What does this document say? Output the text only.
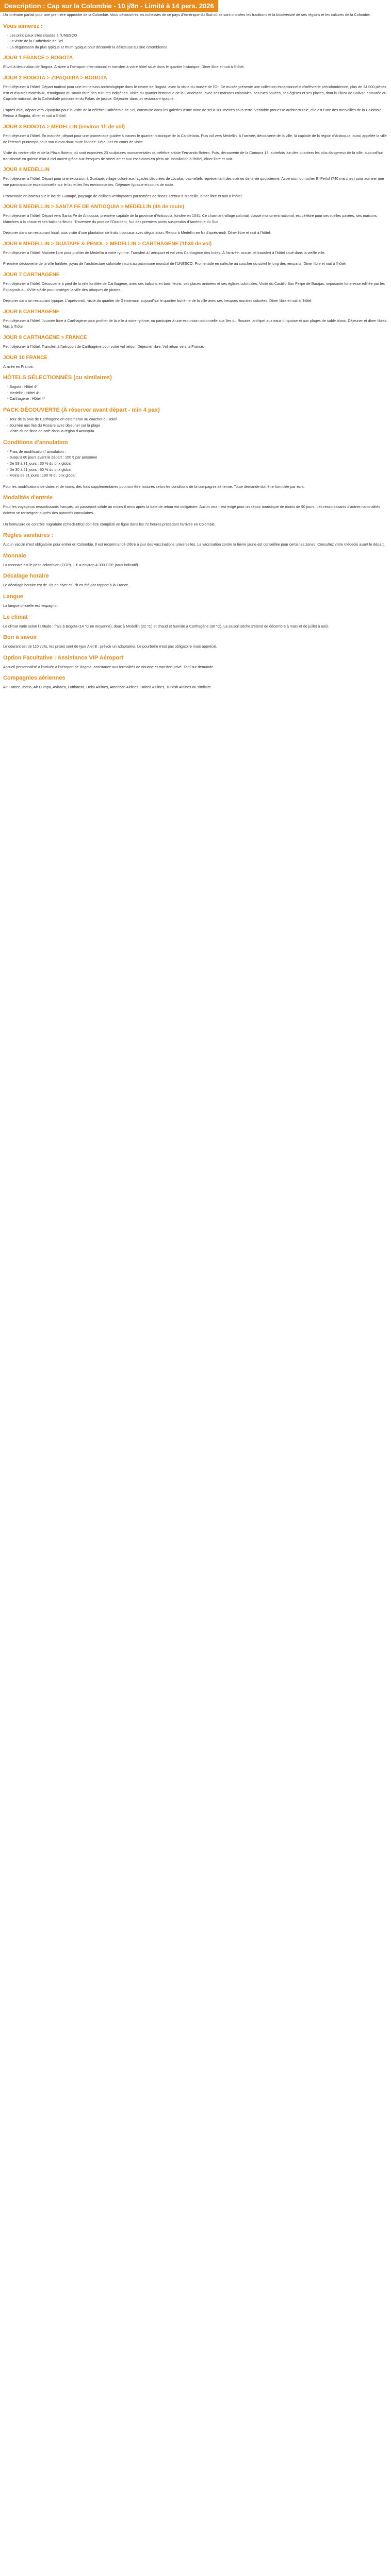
Description : Cap sur la Colombie - 10 j/8n - Limité à 14 pers. 2026

Un itinéraire parfait pour une première approche de la Colombie. Vous découvrirez les richesses de ce pays d'Amérique du Sud où se sont croisées les traditions et la biodiversité de ses régions et les cultures de la Colombie.

Vous aimerez :
- Les principaux sites classés à l'UNESCO
- La visite de la Cathédrale de Sel
- La dégustation du plus typique et rhum-typique pour découvrir la délicieuse cuisine colombienne
JOUR 1 FRANCE > BOGOTA

Envol à destination de Bogota. Arrivée à l'aéroport international et transfert à votre hôtel situé dans le quartier historique. Dîner libre et nuit à l'hôtel.

JOUR 2 BOGOTA > ZIPAQUIRA > BOGOTA

Petit déjeuner à l'hôtel. Départ matinal pour une immersion archéologique dans le centre de Bogota, avec la visite du musée de l'Or. Ce musée présente une collection exceptionnelle d'orfèvrerie précolombienne, plus de 34 000 pièces d'or et d'autres matériaux, témoignant du savoir-faire des cultures indigènes. Visite du quartier historique de la Candelaria, avec ses maisons coloniales, ses rues pavées, ses églises et ses places, dont la Plaza de Bolivar, entourée du Capitole national, de la Cathédrale primaire et du Palais de justice. Déjeuner dans un restaurant typique.

L'après-midi, départ vers Zipaquira pour la visite de la célèbre Cathédrale de Sel, construite dans les galeries d'une mine de sel à 180 mètres sous terre. Véritable prouesse architecturale, elle est l'une des merveilles de la Colombie. Retour à Bogota, dîner et nuit à l'hôtel.

JOUR 3 BOGOTA > MEDELLIN (environ 1h de vol)

Petit déjeuner à l'hôtel. En matinée, départ pour une promenade guidée à travers le quartier historique de la Candelaria. Puis vol vers Medellin. À l'arrivée, découverte de la ville, la capitale de la région d'Antioquia, aussi appelée la ville de l'éternel printemps pour son climat doux toute l'année. Déjeuner en cours de visite.

Visite du centre-ville et de la Plaza Botero, où sont exposées 23 sculptures monumentales du célèbre artiste Fernando Botero. Puis, découverte de la Comuna 13, autrefois l'un des quartiers les plus dangereux de la ville, aujourd'hui transformé en galerie d'art à ciel ouvert grâce aux fresques de street art et aux escalators en plein air. Installation à l'hôtel, dîner libre et nuit.

JOUR 4 MEDELLIN

Petit déjeuner à l'hôtel. Départ pour une excursion à Guatapé, village coloré aux façades décorées de zócalos, bas-reliefs représentant des scènes de la vie quotidienne. Ascension du rocher El Peñol (740 marches) pour admirer une vue panoramique exceptionnelle sur le lac et les îles environnantes. Déjeuner typique en cours de route.

Promenade en bateau sur le lac de Guatapé, paysage de collines verdoyantes parsemées de fincas. Retour à Medellin, dîner libre et nuit à l'hôtel.

JOUR 5 MEDELLIN > SANTA FE DE ANTIOQUIA > MEDELLIN (4h de route)

Petit déjeuner à l'hôtel. Départ vers Santa Fe de Antioquia, première capitale de la province d'Antioquia, fondée en 1541. Ce charmant village colonial, classé monument national, est célèbre pour ses ruelles pavées, ses maisons blanchies à la chaux et ses balcons fleuris. Traversée du pont de l'Occident, l'un des premiers ponts suspendus d'Amérique du Sud.

Déjeuner dans un restaurant local, puis visite d'une plantation de fruits tropicaux avec dégustation. Retour à Medellin en fin d'après-midi. Dîner libre et nuit à l'hôtel.

JOUR 6 MEDELLIN > GUATAPE & PENOL > MEDELLIN > CARTHAGENE (1h30 de vol)

Petit déjeuner à l'hôtel. Matinée libre pour profiter de Medellin à votre rythme. Transfert à l'aéroport et vol vers Carthagène des Indes. À l'arrivée, accueil et transfert à l'hôtel situé dans la vieille ville.

Première découverte de la ville fortifiée, joyau de l'architecture coloniale inscrit au patrimoine mondial de l'UNESCO. Promenade en calèche au coucher du soleil le long des remparts. Dîner libre et nuit à l'hôtel.

JOUR 7 CARTHAGENE

Petit déjeuner à l'hôtel. Découverte à pied de la ville fortifiée de Carthagène, avec ses balcons en bois fleuris, ses places animées et ses églises coloniales. Visite du Castillo San Felipe de Barajas, imposante forteresse édifiée par les Espagnols au XVIIe siècle pour protéger la ville des attaques de pirates.

Déjeuner dans un restaurant typique. L'après-midi, visite du quartier de Getsemani, aujourd'hui le quartier bohème de la ville avec ses fresques murales colorées. Dîner libre et nuit à l'hôtel.

JOUR 8 CARTHAGENE

Petit déjeuner à l'hôtel. Journée libre à Carthagène pour profiter de la ville à votre rythme, ou participer à une excursion optionnelle aux îles du Rosaire, archipel aux eaux turquoise et aux plages de sable blanc. Déjeuner et dîner libres. Nuit à l'hôtel.

JOUR 9 CARTHAGENE > FRANCE

Petit déjeuner à l'hôtel. Transfert à l'aéroport de Carthagène pour votre vol retour. Déjeuner libre. Vol retour vers la France.

JOUR 10 FRANCE

Arrivée en France.

HÔTELS SÉLECTIONNÉS (ou similaires)
- Bogota : Hôtel 4*
- Medellin : Hôtel 4*
- Carthagène : Hôtel 4*
PACK DÉCOUVERTE (À réserver avant départ - min 4 pax)
- Tour de la baie de Carthagène en catamaran au coucher du soleil
- Journée aux îles du Rosaire avec déjeuner sur la plage
- Visite d'une finca de café dans la région d'Antioquia
Conditions d'annulation
- Frais de modification / annulation :
- Jusqu'à 60 jours avant le départ : 150 € par personne
- De 59 à 31 jours : 30 % du prix global
- De 30 à 21 jours : 50 % du prix global
- Moins de 21 jours : 100 % du prix global

Pour les modifications de dates et de noms, des frais supplémentaires pourront être facturés selon les conditions de la compagnie aérienne. Toute demande doit être formulée par écrit.

Modalités d'entrée

Pour les voyageurs ressortissants français, un passeport valide au moins 6 mois après la date de retour est obligatoire. Aucun visa n'est exigé pour un séjour touristique de moins de 90 jours. Les ressortissants d'autres nationalités doivent se renseigner auprès des autorités consulaires.

Un formulaire de contrôle migratoire (Check-MIG) doit être complété en ligne dans les 72 heures précédant l'arrivée en Colombie.

Règles sanitaires :

Aucun vaccin n'est obligatoire pour entrer en Colombie. Il est recommandé d'être à jour des vaccinations universelles. La vaccination contre la fièvre jaune est conseillée pour certaines zones. Consultez votre médecin avant le départ.

Monnaie

La monnaie est le peso colombien (COP). 1 € = environ 4 300 COP (taux indicatif).

Décalage horaire

Le décalage horaire est de -6h en hiver et -7h en été par rapport à la France.

Langue

La langue officielle est l'espagnol.

Le climat

Le climat varie selon l'altitude : frais à Bogota (14 °C en moyenne), doux à Medellin (22 °C) et chaud et humide à Carthagène (30 °C). La saison sèche s'étend de décembre à mars et de juillet à août.

Bon à savoir

Le courant est de 110 volts, les prises sont de type A et B ; prévoir un adaptateur. Le pourboire n'est pas obligatoire mais apprécié.

Option Facultative : Assistance VIP Aéroport

Accueil personnalisé à l'arrivée à l'aéroport de Bogota, assistance aux formalités de douane et transfert privé. Tarif sur demande.

Compagnies aériennes

Air France, Iberia, Air Europa, Avianca, Lufthansa, Delta Airlines, American Airlines, United Airlines, Turkish Airlines ou similaire.
